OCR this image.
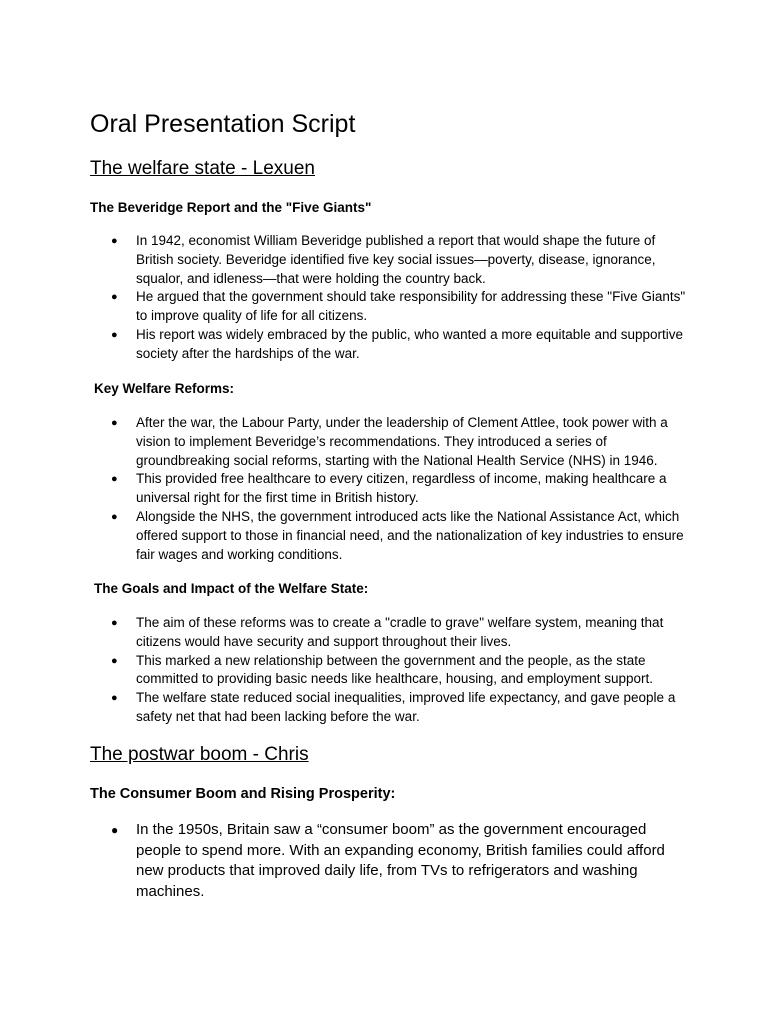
Oral Presentation Script
The welfare state - Lexuen
The Beveridge Report and the "Five Giants"
● In 1942, economist William Beveridge published a report that would shape the future of British society. Beveridge identified five key social issues—poverty, disease, ignorance, squalor, and idleness—that were holding the country back.
● He argued that the government should take responsibility for addressing these "Five Giants" to improve quality of life for all citizens.
● His report was widely embraced by the public, who wanted a more equitable and supportive society after the hardships of the war.
Key Welfare Reforms:
● After the war, the Labour Party, under the leadership of Clement Attlee, took power with a vision to implement Beveridge’s recommendations. They introduced a series of groundbreaking social reforms, starting with the National Health Service (NHS) in 1946.
● This provided free healthcare to every citizen, regardless of income, making healthcare a universal right for the first time in British history.
● Alongside the NHS, the government introduced acts like the National Assistance Act, which offered support to those in financial need, and the nationalization of key industries to ensure fair wages and working conditions.
The Goals and Impact of the Welfare State:
● The aim of these reforms was to create a "cradle to grave" welfare system, meaning that citizens would have security and support throughout their lives.
● This marked a new relationship between the government and the people, as the state committed to providing basic needs like healthcare, housing, and employment support.
● The welfare state reduced social inequalities, improved life expectancy, and gave people a safety net that had been lacking before the war.
The postwar boom - Chris
The Consumer Boom and Rising Prosperity:
● In the 1950s, Britain saw a “consumer boom” as the government encouraged people to spend more. With an expanding economy, British families could afford new products that improved daily life, from TVs to refrigerators and washing machines.
